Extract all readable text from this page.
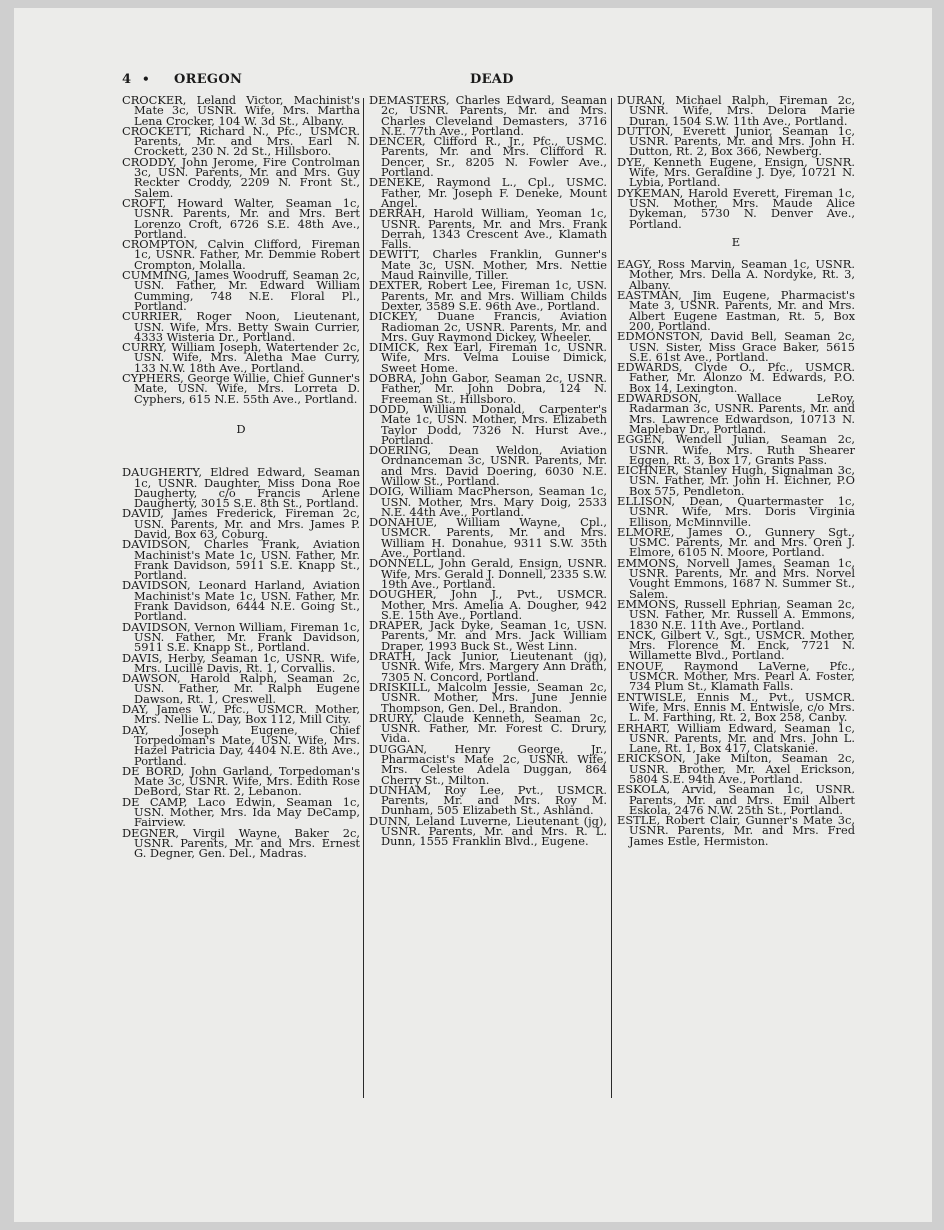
4 • OREGON	DEAD

CROCKER, Leland Victor, Machinist's Mate 3c, USNR. Wife, Mrs. Martha Lena Crocker, 104 W. 3d St., Albany.

CROCKETT, Richard N., Pfc., USMCR. Parents, Mr. and Mrs. Earl N. Crockett, 230 N. 2d St., Hillsboro.

CRODDY, John Jerome, Fire Controlman 3c, USN. Parents, Mr. and Mrs. Guy Reckter Croddy, 2209 N. Front St., Salem.

CROFT, Howard Walter, Seaman 1c, USNR. Parents, Mr. and Mrs. Bert Lorenzo Croft, 6726 S.E. 48th Ave., Portland.

CROMPTON, Calvin Clifford, Fireman 1c, USNR. Father, Mr. Demmie Robert Crompton, Molalla.

CUMMING, James Woodruff, Seaman 2c, USN. Father, Mr. Edward William Cumming, 748 N.E. Floral Pl., Portland.

CURRIER, Roger Noon, Lieutenant, USN. Wife, Mrs. Betty Swain Currier, 4333 Wisteria Dr., Portland.

CURRY, William Joseph, Watertender 2c, USN. Wife, Mrs. Aletha Mae Curry, 133 N.W. 18th Ave., Portland.

CYPHERS, George Willie, Chief Gunner's Mate, USN. Wife, Mrs. Lorreta D. Cyphers, 615 N.E. 55th Ave., Portland.

D

DAUGHERTY, Eldred Edward, Seaman 1c, USNR. Daughter, Miss Dona Roe Daugherty, c/o Francis Arlene Daugherty, 3015 S.E. 8th St., Portland.

DAVID, James Frederick, Fireman 2c, USN. Parents, Mr. and Mrs. James P. David, Box 63, Coburg.

DAVIDSON, Charles Frank, Aviation Machinist's Mate 1c, USN. Father, Mr. Frank Davidson, 5911 S.E. Knapp St., Portland.

DAVIDSON, Leonard Harland, Aviation Machinist's Mate 1c, USN. Father, Mr. Frank Davidson, 6444 N.E. Going St., Portland.

DAVIDSON, Vernon William, Fireman 1c, USN. Father, Mr. Frank Davidson, 5911 S.E. Knapp St., Portland.

DAVIS, Herby, Seaman 1c, USNR. Wife, Mrs. Lucille Davis, Rt. 1, Corvallis.

DAWSON, Harold Ralph, Seaman 2c, USN. Father, Mr. Ralph Eugene Dawson, Rt. 1, Creswell.

DAY, James W., Pfc., USMCR. Mother, Mrs. Nellie L. Day, Box 112, Mill City.

DAY, Joseph Eugene, Chief Torpedoman's Mate, USN. Wife, Mrs. Hazel Patricia Day, 4404 N.E. 8th Ave., Portland.

DE BORD, John Garland, Torpedoman's Mate 3c, USNR. Wife, Mrs. Edith Rose DeBord, Star Rt. 2, Lebanon.

DE CAMP, Laco Edwin, Seaman 1c, USN. Mother, Mrs. Ida May DeCamp, Fairview.

DEGNER, Virgil Wayne, Baker 2c, USNR. Parents, Mr. and Mrs. Ernest G. Degner, Gen. Del., Madras.

DEMASTERS, Charles Edward, Seaman 2c, USNR. Parents, Mr. and Mrs. Charles Cleveland Demasters, 3716 N.E. 77th Ave., Portland.

DENCER, Clifford R., Jr., Pfc., USMC. Parents, Mr. and Mrs. Clifford R. Dencer, Sr., 8205 N. Fowler Ave., Portland.

DENEKE, Raymond L., Cpl., USMC. Father, Mr. Joseph F. Deneke, Mount Angel.

DERRAH, Harold William, Yeoman 1c, USNR. Parents, Mr. and Mrs. Frank Derrah, 1343 Crescent Ave., Klamath Falls.

DEWITT, Charles Franklin, Gunner's Mate 3c, USN. Mother, Mrs. Nettie Maud Rainville, Tiller.

DEXTER, Robert Lee, Fireman 1c, USN. Parents, Mr. and Mrs. William Childs Dexter, 3589 S.E. 96th Ave., Portland.

DICKEY, Duane Francis, Aviation Radioman 2c, USNR. Parents, Mr. and Mrs. Guy Raymond Dickey, Wheeler.

DIMICK, Rex Earl, Fireman 1c, USNR. Wife, Mrs. Velma Louise Dimick, Sweet Home.

DOBRA, John Gabor, Seaman 2c, USNR. Father, Mr. John Dobra, 124 N. Freeman St., Hillsboro.

DODD, William Donald, Carpenter's Mate 1c, USN. Mother, Mrs. Elizabeth Taylor Dodd, 7326 N. Hurst Ave., Portland.

DOERING, Dean Weldon, Aviation Ordnanceman 3c, USNR. Parents, Mr. and Mrs. David Doering, 6030 N.E. Willow St., Portland.

DOIG, William MacPherson, Seaman 1c, USN. Mother, Mrs. Mary Doig, 2533 N.E. 44th Ave., Portland.

DONAHUE, William Wayne, Cpl., USMCR. Parents, Mr. and Mrs. William H. Donahue, 9311 S.W. 35th Ave., Portland.

DONNELL, John Gerald, Ensign, USNR. Wife, Mrs. Gerald J. Donnell, 2335 S.W. 19th Ave., Portland.

DOUGHER, John J., Pvt., USMCR. Mother, Mrs. Amelia A. Dougher, 942 S.E. 15th Ave., Portland.

DRAPER, Jack Dyke, Seaman 1c, USN. Parents, Mr. and Mrs. Jack William Draper, 1993 Buck St., West Linn.

DRATH, Jack Junior, Lieutenant (jg), USNR. Wife, Mrs. Margery Ann Drath, 7305 N. Concord, Portland.

DRISKILL, Malcolm Jessie, Seaman 2c, USNR. Mother, Mrs. June Jennie Thompson, Gen. Del., Brandon.

DRURY, Claude Kenneth, Seaman 2c, USNR. Father, Mr. Forest C. Drury, Vida.

DUGGAN, Henry George, Jr., Pharmacist's Mate 2c, USNR. Wife, Mrs. Celeste Adela Duggan, 864 Cherry St., Milton.

DUNHAM, Roy Lee, Pvt., USMCR. Parents, Mr. and Mrs. Roy M. Dunham, 505 Elizabeth St., Ashland.

DUNN, Leland Luverne, Lieutenant (jg), USNR. Parents, Mr. and Mrs. R. L. Dunn, 1555 Franklin Blvd., Eugene.

DURAN, Michael Ralph, Fireman 2c, USNR. Wife, Mrs. Delora Marie Duran, 1504 S.W. 11th Ave., Portland.

DUTTON, Everett Junior, Seaman 1c, USNR. Parents, Mr. and Mrs. John H. Dutton, Rt. 2, Box 366, Newberg.

DYE, Kenneth Eugene, Ensign, USNR. Wife, Mrs. Geraldine J. Dye, 10721 N. Lybia, Portland.

DYKEMAN, Harold Everett, Fireman 1c, USN. Mother, Mrs. Maude Alice Dykeman, 5730 N. Denver Ave., Portland.

E

EAGY, Ross Marvin, Seaman 1c, USNR. Mother, Mrs. Della A. Nordyke, Rt. 3, Albany.

EASTMAN, Jim Eugene, Pharmacist's Mate 3, USNR. Parents, Mr. and Mrs. Albert Eugene Eastman, Rt. 5, Box 200, Portland.

EDMONSTON, David Bell, Seaman 2c, USN. Sister, Miss Grace Baker, 5615 S.E. 61st Ave., Portland.

EDWARDS, Clyde O., Pfc., USMCR. Father, Mr. Alonzo M. Edwards, P.O. Box 14, Lexington.

EDWARDSON, Wallace LeRoy, Radarman 3c, USNR. Parents, Mr. and Mrs. Lawrence Edwardson, 10713 N. Maplebay Dr., Portland.

EGGEN, Wendell Julian, Seaman 2c, USNR. Wife, Mrs. Ruth Shearer Eggen, Rt. 3, Box 17, Grants Pass.

EICHNER, Stanley Hugh, Signalman 3c, USN. Father, Mr. John H. Eichner, P.O Box 575, Pendleton.

ELLISON, Dean, Quartermaster 1c, USNR. Wife, Mrs. Doris Virginia Ellison, McMinnville.

ELMORE, James O., Gunnery Sgt., USMC. Parents, Mr. and Mrs. Oren J. Elmore, 6105 N. Moore, Portland.

EMMONS, Norvell James, Seaman 1c, USNR. Parents, Mr. and Mrs. Norvel Vought Emmons, 1687 N. Summer St., Salem.

EMMONS, Russell Ephrian, Seaman 2c, USN. Father, Mr. Russell A. Emmons, 1830 N.E. 11th Ave., Portland.

ENCK, Gilbert V., Sgt., USMCR. Mother, Mrs. Florence M. Enck, 7721 N. Willamette Blvd., Portland.

ENOUF, Raymond LaVerne, Pfc., USMCR. Mother, Mrs. Pearl A. Foster, 734 Plum St., Klamath Falls.

ENTWISLE, Ennis M., Pvt., USMCR. Wife, Mrs. Ennis M. Entwisle, c/o Mrs. L. M. Farthing, Rt. 2, Box 258, Canby.

ERHART, William Edward, Seaman 1c, USNR. Parents, Mr. and Mrs. John L. Lane, Rt. 1, Box 417, Clatskanie.

ERICKSON, Jake Milton, Seaman 2c, USNR. Brother, Mr. Axel Erickson, 5804 S.E. 94th Ave., Portland.

ESKOLA, Arvid, Seaman 1c, USNR. Parents, Mr. and Mrs. Emil Albert Eskola, 2476 N.W. 25th St., Portland.

ESTLE, Robert Clair, Gunner's Mate 3c, USNR. Parents, Mr. and Mrs. Fred James Estle, Hermiston.
